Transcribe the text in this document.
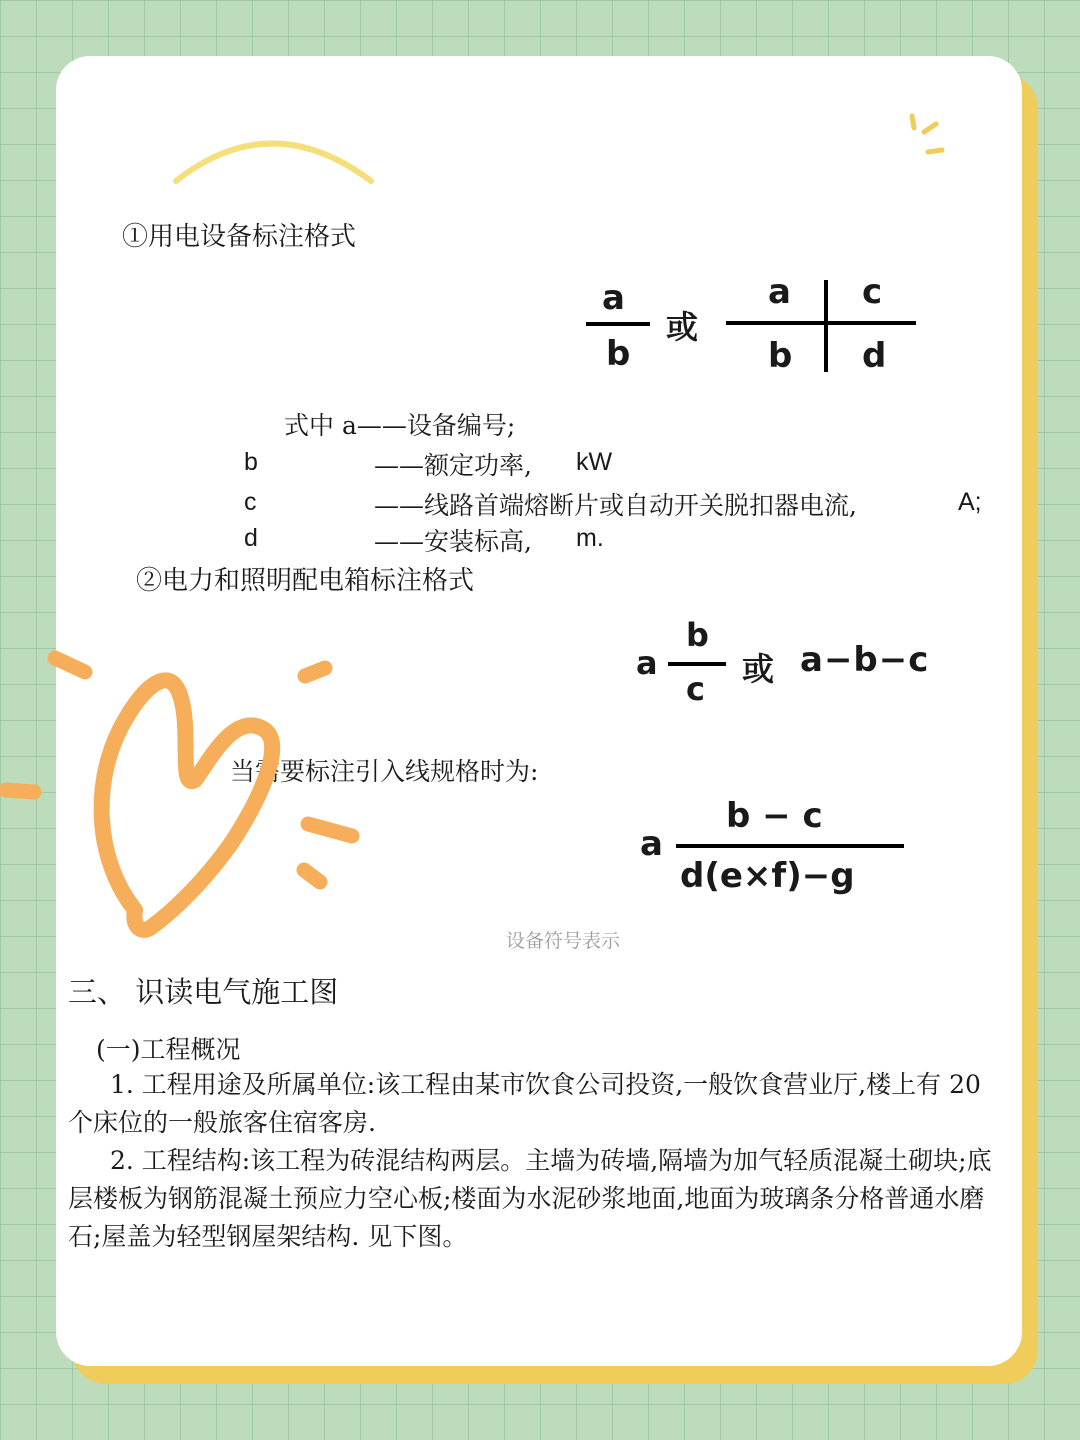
①用电设备标注格式
a
b
或
a c
b d
式中 a——设备编号;
b	——额定功率, kW
c	——线路首端熔断片或自动开关脱扣器电流,	A;
d	——安装标高, m.
②电力和照明配电箱标注格式
a
b
c
或 a−b−c
当需要标注引入线规格时为:
a
b − c
d(e×f)−g
设备符号表示
三、 识读电气施工图
(一)工程概况
1. 工程用途及所属单位:该工程由某市饮食公司投资,一般饮食营业厅,楼上有 20 个床位的一般旅客住宿客房.
2. 工程结构:该工程为砖混结构两层。主墙为砖墙,隔墙为加气轻质混凝土砌块;底层楼板为钢筋混凝土预应力空心板;楼面为水泥砂浆地面,地面为玻璃条分格普通水磨石;屋盖为轻型钢屋架结构. 见下图。
